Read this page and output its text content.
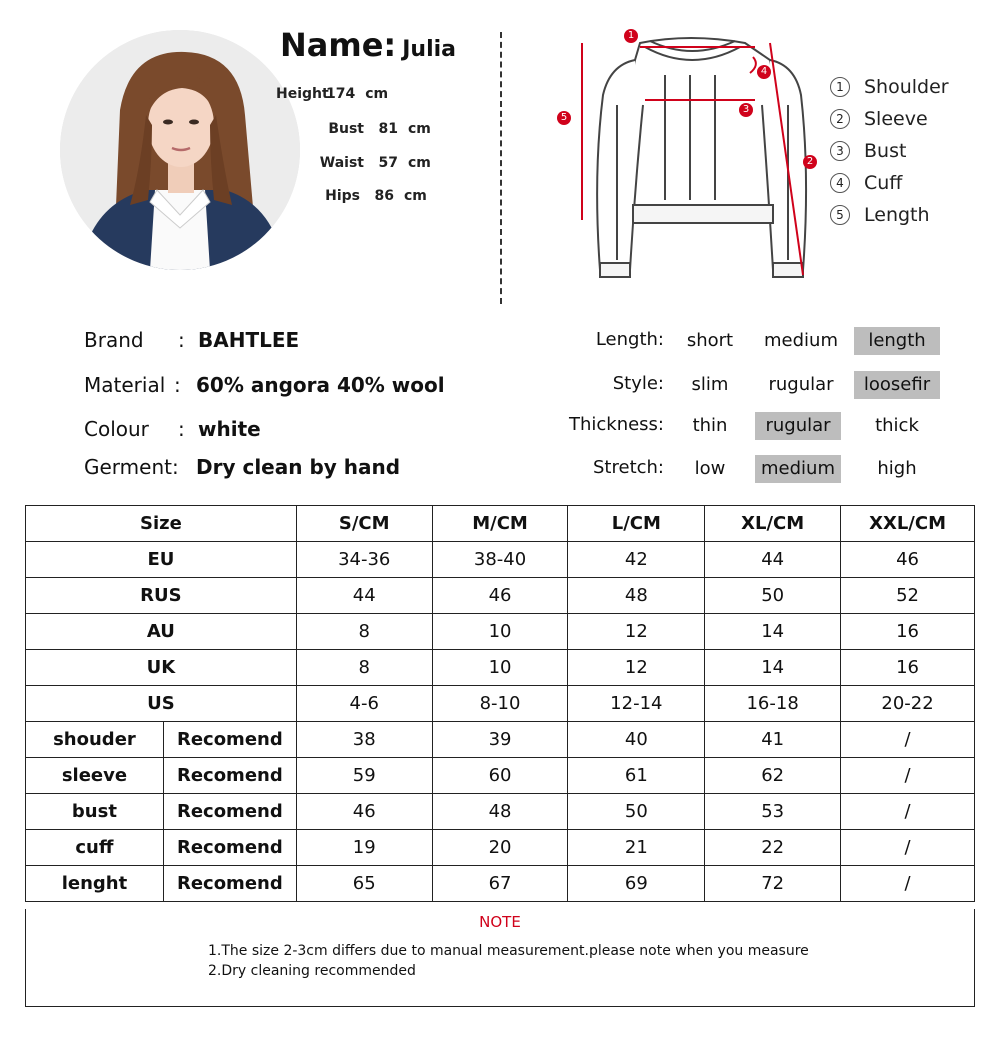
Name: Julia
Height174 cm
Bust 81 cm
Waist 57 cm
Hips 86 cm
1
2
3
4
5
1 Shoulder
2 Sleeve
3 Bust
4 Cuff
5 Length
Brand : BAHTLEE
Material : 60% angora 40% wool
Colour : white
Germent: Dry clean by hand
Length:	short	medium	length
Style:	slim	rugular	loosefir
Thickness:	thin	rugular	thick
Stretch:	low	medium	high
Size		S/CM	M/CM	L/CM	XL/CM	XXL/CM
EU		34-36	38-40	42	44	46
RUS		44	46	48	50	52
AU		8	10	12	14	16
UK		8	10	12	14	16
US		4-6	8-10	12-14	16-18	20-22
shouder	Recomend	38	39	40	41	/
sleeve	Recomend	59	60	61	62	/
bust	Recomend	46	48	50	53	/
cuff	Recomend	19	20	21	22	/
lenght	Recomend	65	67	69	72	/
NOTE
1.The size 2-3cm differs due to manual measurement.please note when you measure
2.Dry cleaning recommended
